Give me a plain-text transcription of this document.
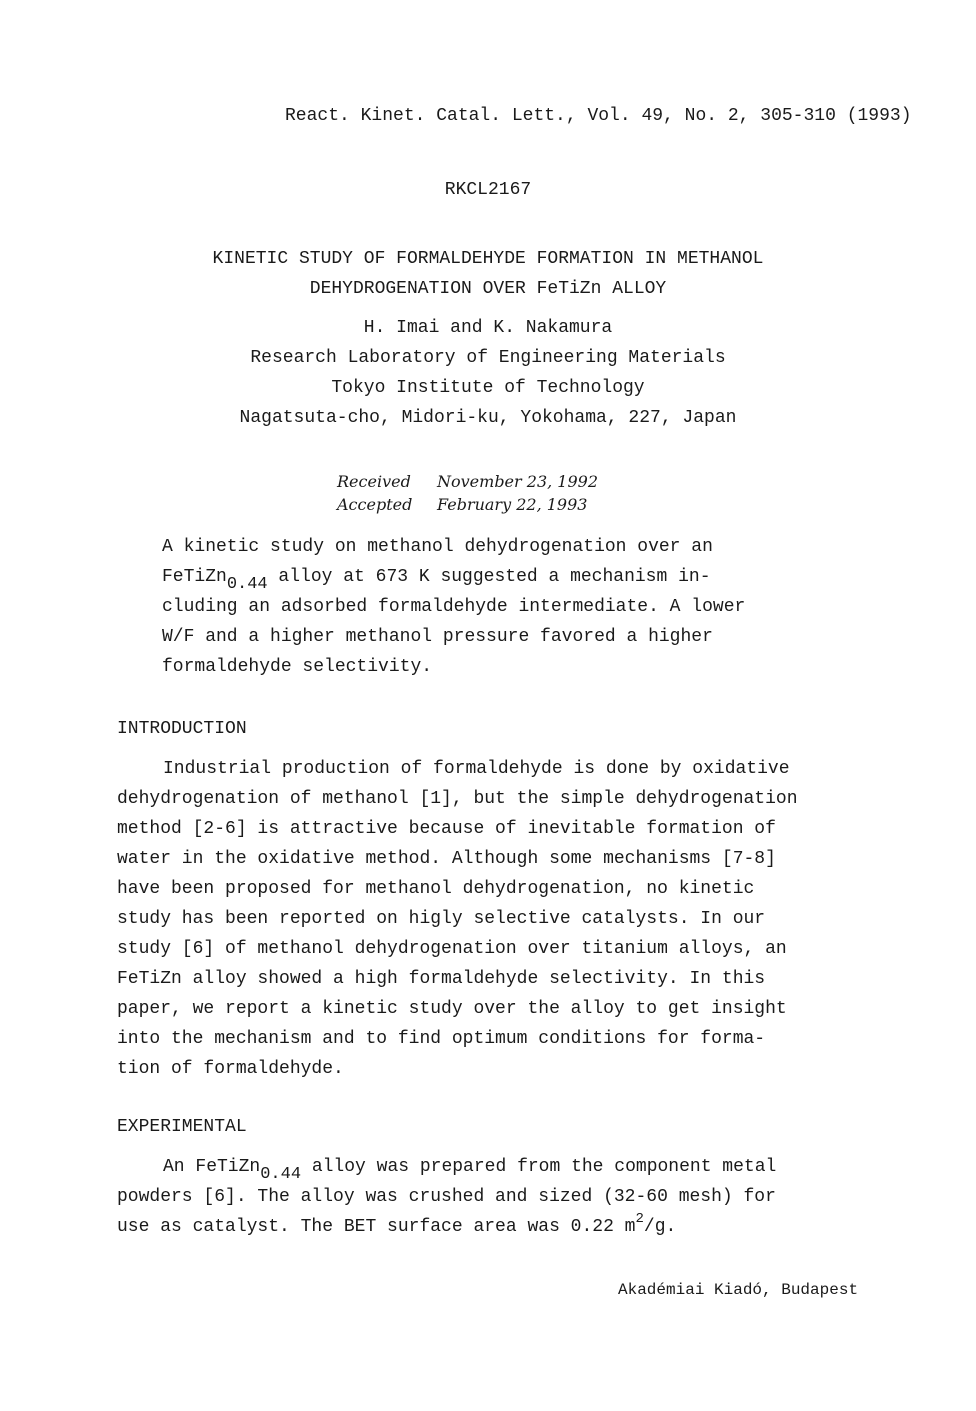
React. Kinet. Catal. Lett., Vol. 49, No. 2, 305-310 (1993)
RKCL2167
KINETIC STUDY OF FORMALDEHYDE FORMATION IN METHANOL
DEHYDROGENATION OVER FeTiZn ALLOY
H. Imai and K. Nakamura
Research Laboratory of Engineering Materials
Tokyo Institute of Technology
Nagatsuta-cho, Midori-ku, Yokohama, 227, Japan
Received	November 23, 1992
Accepted	February 22, 1993
A kinetic study on methanol dehydrogenation over an
FeTiZn0.44 alloy at 673 K suggested a mechanism in-
cluding an adsorbed formaldehyde intermediate. A lower
W/F and a higher methanol pressure favored a higher
formaldehyde selectivity.
INTRODUCTION
Industrial production of formaldehyde is done by oxidative
dehydrogenation of methanol [1], but the simple dehydrogenation
method [2-6] is attractive because of inevitable formation of
water in the oxidative method. Although some mechanisms [7-8]
have been proposed for methanol dehydrogenation, no kinetic
study has been reported on higly selective catalysts. In our
study [6] of methanol dehydrogenation over titanium alloys, an
FeTiZn alloy showed a high formaldehyde selectivity. In this
paper, we report a kinetic study over the alloy to get insight
into the mechanism and to find optimum conditions for forma-
tion of formaldehyde.
EXPERIMENTAL
An FeTiZn0.44 alloy was prepared from the component metal
powders [6]. The alloy was crushed and sized (32-60 mesh) for
use as catalyst. The BET surface area was 0.22 $m^2/g$.
Akadémiai Kiadó, Budapest
